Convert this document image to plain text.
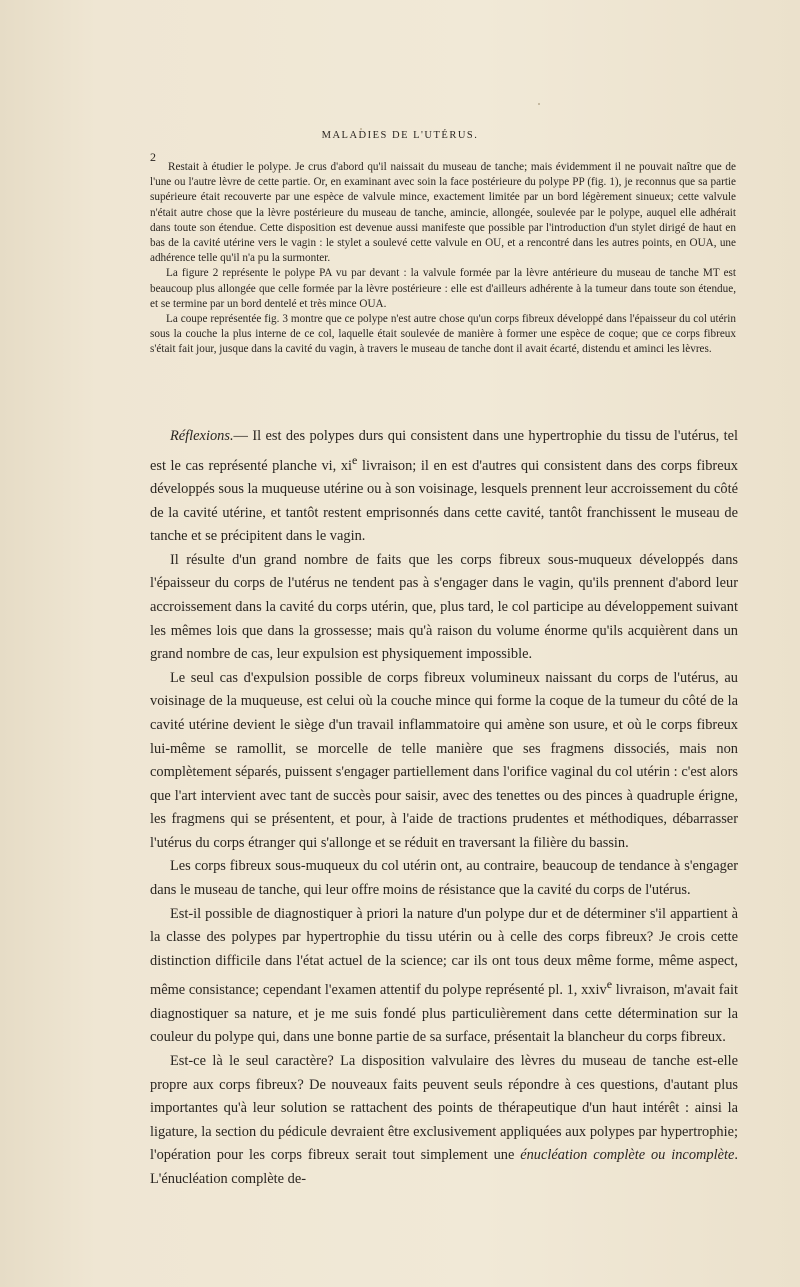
MALADIES DE L'UTÉRUS.
2

Restait à étudier le polype. Je crus d'abord qu'il naissait du museau de tanche; mais évidemment il ne pouvait naître que de l'une ou l'autre lèvre de cette partie. Or, en examinant avec soin la face postérieure du polype PP (fig. 1), je reconnus que sa partie supérieure était recouverte par une espèce de valvule mince, exactement limitée par un bord légèrement sinueux; cette valvule n'était autre chose que la lèvre postérieure du museau de tanche, amincie, allongée, soulevée par le polype, auquel elle adhérait dans toute son étendue. Cette disposition est devenue aussi manifeste que possible par l'introduction d'un stylet dirigé de haut en bas de la cavité utérine vers le vagin : le stylet a soulevé cette valvule en OU, et a rencontré dans les autres points, en OUA, une adhérence telle qu'il n'a pu la surmonter.

La figure 2 représente le polype PA vu par devant : la valvule formée par la lèvre antérieure du museau de tanche MT est beaucoup plus allongée que celle formée par la lèvre postérieure : elle est d'ailleurs adhérente à la tumeur dans toute son étendue, et se termine par un bord dentelé et très mince OUA.

La coupe représentée fig. 3 montre que ce polype n'est autre chose qu'un corps fibreux développé dans l'épaisseur du col utérin sous la couche la plus interne de ce col, laquelle était soulevée de manière à former une espèce de coque; que ce corps fibreux s'était fait jour, jusque dans la cavité du vagin, à travers le museau de tanche dont il avait écarté, distendu et aminci les lèvres.

Réflexions.— Il est des polypes durs qui consistent dans une hypertrophie du tissu de l'utérus, tel est le cas représenté planche vi, $xi^e$ livraison; il en est d'autres qui consistent dans des corps fibreux développés sous la muqueuse utérine ou à son voisinage, lesquels prennent leur accroissement du côté de la cavité utérine, et tantôt restent emprisonnés dans cette cavité, tantôt franchissent le museau de tanche et se précipitent dans le vagin.

Il résulte d'un grand nombre de faits que les corps fibreux sous-muqueux développés dans l'épaisseur du corps de l'utérus ne tendent pas à s'engager dans le vagin, qu'ils prennent d'abord leur accroissement dans la cavité du corps utérin, que, plus tard, le col participe au développement suivant les mêmes lois que dans la grossesse; mais qu'à raison du volume énorme qu'ils acquièrent dans un grand nombre de cas, leur expulsion est physiquement impossible.

Le seul cas d'expulsion possible de corps fibreux volumineux naissant du corps de l'utérus, au voisinage de la muqueuse, est celui où la couche mince qui forme la coque de la tumeur du côté de la cavité utérine devient le siège d'un travail inflammatoire qui amène son usure, et où le corps fibreux lui-même se ramollit, se morcelle de telle manière que ses fragmens dissociés, mais non complètement séparés, puissent s'engager partiellement dans l'orifice vaginal du col utérin : c'est alors que l'art intervient avec tant de succès pour saisir, avec des tenettes ou des pinces à quadruple érigne, les fragmens qui se présentent, et pour, à l'aide de tractions prudentes et méthodiques, débarrasser l'utérus du corps étranger qui s'allonge et se réduit en traversant la filière du bassin.

Les corps fibreux sous-muqueux du col utérin ont, au contraire, beaucoup de tendance à s'engager dans le museau de tanche, qui leur offre moins de résistance que la cavité du corps de l'utérus.

Est-il possible de diagnostiquer à priori la nature d'un polype dur et de déterminer s'il appartient à la classe des polypes par hypertrophie du tissu utérin ou à celle des corps fibreux? Je crois cette distinction difficile dans l'état actuel de la science; car ils ont tous deux même forme, même aspect, même consistance; cependant l'examen attentif du polype représenté pl. 1, xxiv$^e$ livraison, m'avait fait diagnostiquer sa nature, et je me suis fondé plus particulièrement dans cette détermination sur la couleur du polype qui, dans une bonne partie de sa surface, présentait la blancheur du corps fibreux.

Est-ce là le seul caractère? La disposition valvulaire des lèvres du museau de tanche est-elle propre aux corps fibreux? De nouveaux faits peuvent seuls répondre à ces questions, d'autant plus importantes qu'à leur solution se rattachent des points de thérapeutique d'un haut intérêt : ainsi la ligature, la section du pédicule devraient être exclusivement appliquées aux polypes par hypertrophie; l'opération pour les corps fibreux serait tout simplement une énucléation complète ou incomplète. L'énucléation complète de-
